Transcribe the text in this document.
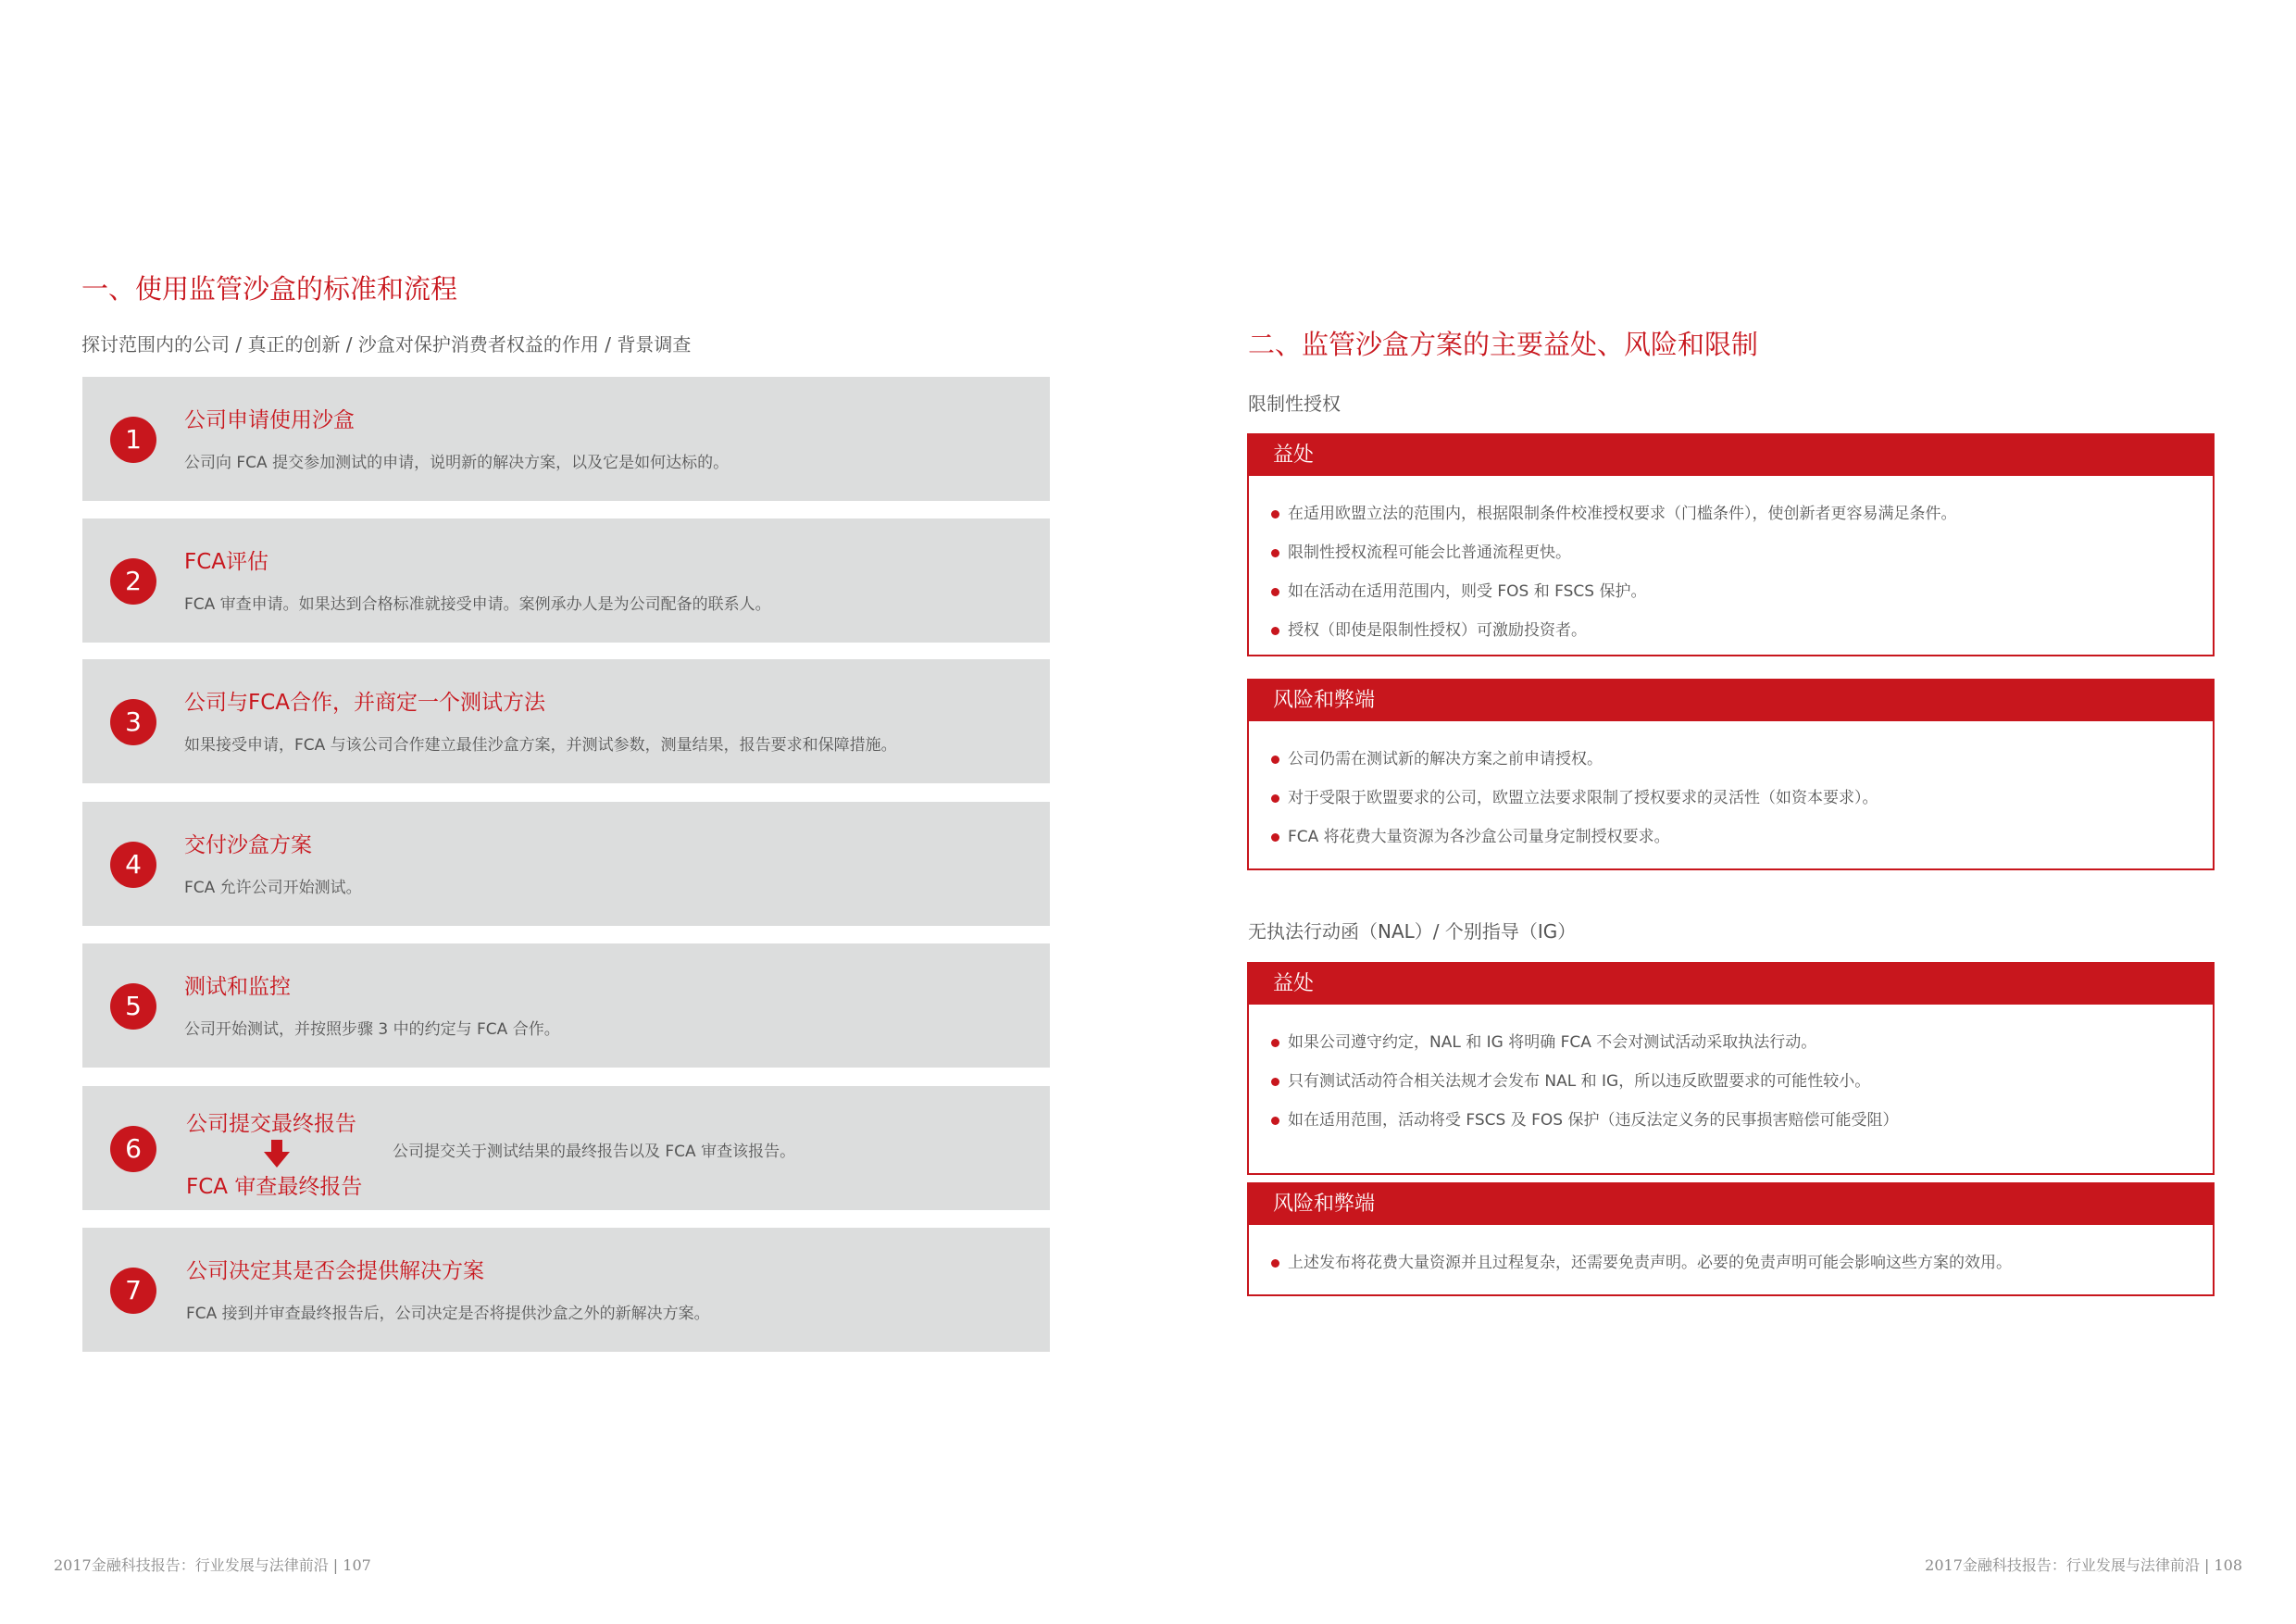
一、使用监管沙盒的标准和流程
探讨范围内的公司 / 真正的创新 / 沙盒对保护消费者权益的作用 / 背景调查
1
公司申请使用沙盒
公司向 FCA 提交参加测试的申请，说明新的解决方案，以及它是如何达标的。
2
FCA评估
FCA 审查申请。如果达到合格标准就接受申请。案例承办人是为公司配备的联系人。
3
公司与FCA合作，并商定一个测试方法
如果接受申请，FCA 与该公司合作建立最佳沙盒方案，并测试参数，测量结果，报告要求和保障措施。
4
交付沙盒方案
FCA 允许公司开始测试。
5
测试和监控
公司开始测试，并按照步骤 3 中的约定与 FCA 合作。
6
公司提交最终报告
FCA 审查最终报告
公司提交关于测试结果的最终报告以及 FCA 审查该报告。
7
公司决定其是否会提供解决方案
FCA 接到并审查最终报告后，公司决定是否将提供沙盒之外的新解决方案。
2017金融科技报告：行业发展与法律前沿 | 107
二、监管沙盒方案的主要益处、风险和限制
限制性授权
益处
在适用欧盟立法的范围内，根据限制条件校准授权要求（门槛条件），使创新者更容易满足条件。
限制性授权流程可能会比普通流程更快。
如在活动在适用范围内，则受 FOS 和 FSCS 保护。
授权（即使是限制性授权）可激励投资者。
风险和弊端
公司仍需在测试新的解决方案之前申请授权。
对于受限于欧盟要求的公司，欧盟立法要求限制了授权要求的灵活性（如资本要求）。
FCA 将花费大量资源为各沙盒公司量身定制授权要求。
无执法行动函（NAL）/ 个别指导（IG）
益处
如果公司遵守约定，NAL 和 IG 将明确 FCA 不会对测试活动采取执法行动。
只有测试活动符合相关法规才会发布 NAL 和 IG，所以违反欧盟要求的可能性较小。
如在适用范围，活动将受 FSCS 及 FOS 保护（违反法定义务的民事损害赔偿可能受阻）
风险和弊端
上述发布将花费大量资源并且过程复杂，还需要免责声明。必要的免责声明可能会影响这些方案的效用。
2017金融科技报告：行业发展与法律前沿 | 108
